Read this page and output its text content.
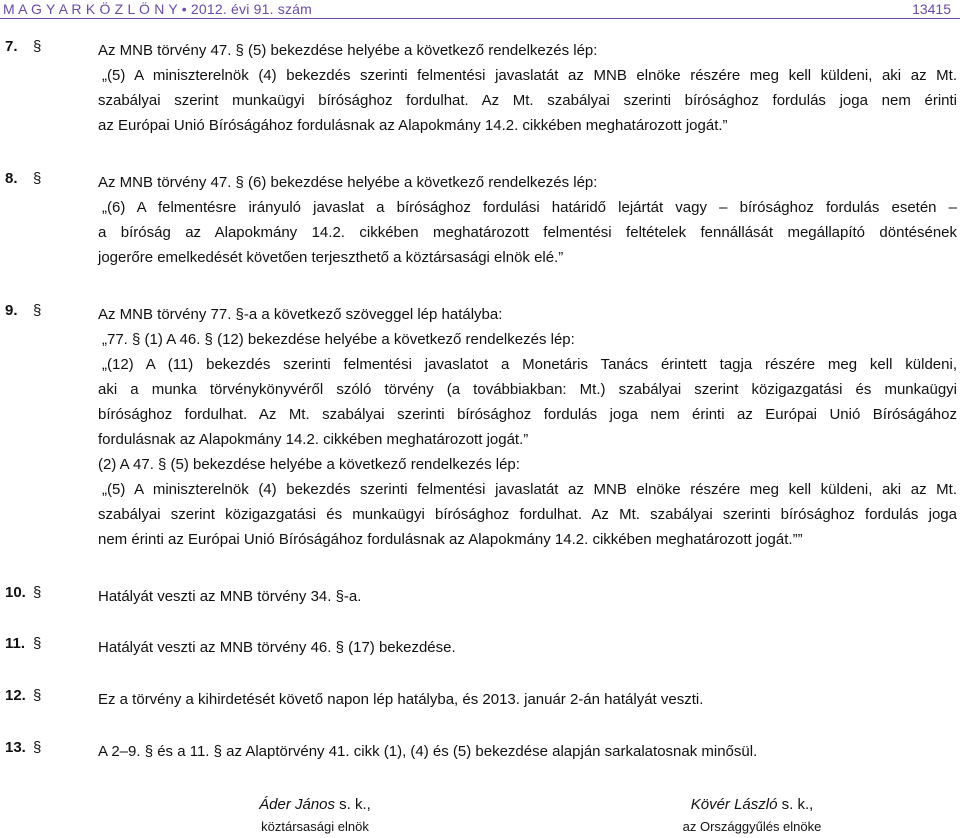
M A G Y A R K Ö Z L Ö N Y • 2012. évi 91. szám	13415
7. §	Az MNB törvény 47. § (5) bekezdése helyébe a következő rendelkezés lép:
„(5) A miniszterelnök (4) bekezdés szerinti felmentési javaslatát az MNB elnöke részére meg kell küldeni, aki az Mt.
szabályai szerint munkaügyi bírósághoz fordulhat. Az Mt. szabályai szerinti bírósághoz fordulás joga nem érinti
az Európai Unió Bíróságához fordulásnak az Alapokmány 14.2. cikkében meghatározott jogát.”
8. §	Az MNB törvény 47. § (6) bekezdése helyébe a következő rendelkezés lép:
„(6) A felmentésre irányuló javaslat a bírósághoz fordulási határidő lejártát vagy – bírósághoz fordulás esetén –
a bíróság az Alapokmány 14.2. cikkében meghatározott felmentési feltételek fennállását megállapító döntésének
jogerőre emelkedését követően terjeszthető a köztársasági elnök elé.”
9. §	Az MNB törvény 77. §-a a következő szöveggel lép hatályba:
„77. § (1) A 46. § (12) bekezdése helyébe a következő rendelkezés lép:
„(12) A (11) bekezdés szerinti felmentési javaslatot a Monetáris Tanács érintett tagja részére meg kell küldeni,
aki a munka törvénykönyvéről szóló törvény (a továbbiakban: Mt.) szabályai szerint közigazgatási és munkaügyi
bírósághoz fordulhat. Az Mt. szabályai szerinti bírósághoz fordulás joga nem érinti az Európai Unió Bíróságához
fordulásnak az Alapokmány 14.2. cikkében meghatározott jogát.”
(2) A 47. § (5) bekezdése helyébe a következő rendelkezés lép:
„(5) A miniszterelnök (4) bekezdés szerinti felmentési javaslatát az MNB elnöke részére meg kell küldeni, aki az Mt.
szabályai szerint közigazgatási és munkaügyi bírósághoz fordulhat. Az Mt. szabályai szerinti bírósághoz fordulás joga
nem érinti az Európai Unió Bíróságához fordulásnak az Alapokmány 14.2. cikkében meghatározott jogát.””
10. §	Hatályát veszti az MNB törvény 34. §-a.
11. §	Hatályát veszti az MNB törvény 46. § (17) bekezdése.
12. §	Ez a törvény a kihirdetését követő napon lép hatályba, és 2013. január 2-án hatályát veszti.
13. §	A 2–9. § és a 11. § az Alaptörvény 41. cikk (1), (4) és (5) bekezdése alapján sarkalatosnak minősül.
Áder János s. k.,
köztársasági elnök
Kövér László s. k.,
az Országgyűlés elnöke
